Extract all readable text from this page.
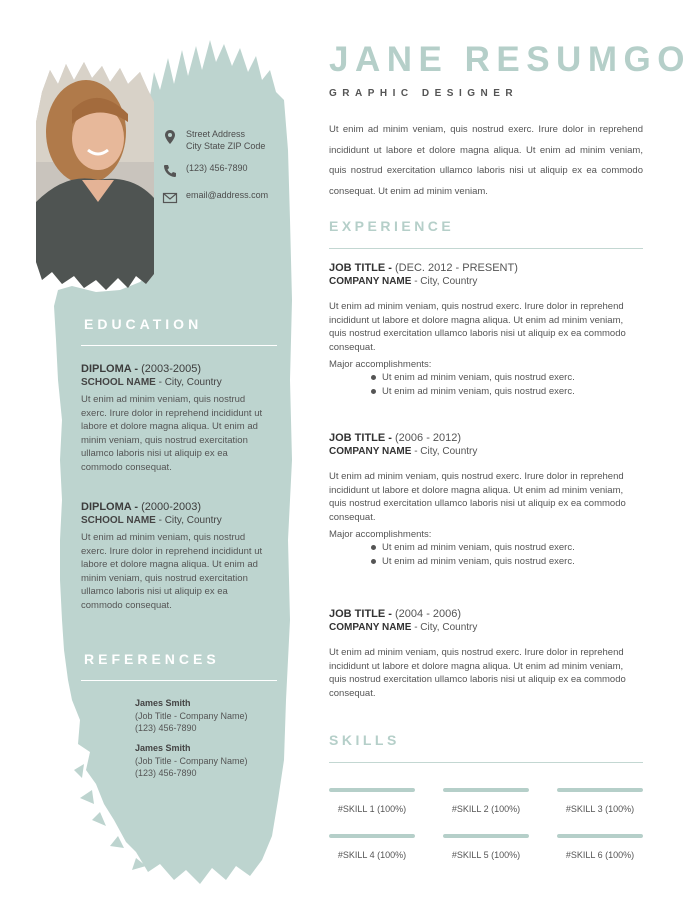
Street Address
City State ZIP Code
(123) 456-7890
email@address.com
EDUCATION
DIPLOMA - (2003-2005)
SCHOOL NAME - City, Country
Ut enim ad minim veniam, quis nostrud exerc. Irure dolor in reprehend incididunt ut labore et dolore magna aliqua. Ut enim ad minim veniam, quis nostrud exercitation ullamco laboris nisi ut aliquip ex ea commodo consequat.
DIPLOMA - (2000-2003)
SCHOOL NAME - City, Country
Ut enim ad minim veniam, quis nostrud exerc. Irure dolor in reprehend incididunt ut labore et dolore magna aliqua. Ut enim ad minim veniam, quis nostrud exercitation ullamco laboris nisi ut aliquip ex ea commodo consequat.
REFERENCES
James Smith
(Job Title - Company Name)
(123) 456-7890
James Smith
(Job Title - Company Name)
(123) 456-7890
JANE RESUMGO
GRAPHIC DESIGNER
Ut enim ad minim veniam, quis nostrud exerc. Irure dolor in reprehend incididunt ut labore et dolore magna aliqua. Ut enim ad minim veniam, quis nostrud exercitation ullamco laboris nisi ut aliquip ex ea commodo consequat. Ut enim ad minim veniam.
EXPERIENCE
JOB TITLE - (DEC. 2012 - PRESENT)
COMPANY NAME - City, Country
Ut enim ad minim veniam, quis nostrud exerc. Irure dolor in reprehend incididunt ut labore et dolore magna aliqua. Ut enim ad minim veniam, quis nostrud exercitation ullamco laboris nisi ut aliquip ex ea commodo consequat.
Major accomplishments:
Ut enim ad minim veniam, quis nostrud exerc.
Ut enim ad minim veniam, quis nostrud exerc.
JOB TITLE - (2006 - 2012)
COMPANY NAME - City, Country
Ut enim ad minim veniam, quis nostrud exerc. Irure dolor in reprehend incididunt ut labore et dolore magna aliqua. Ut enim ad minim veniam, quis nostrud exercitation ullamco laboris nisi ut aliquip ex ea commodo consequat.
Major accomplishments:
Ut enim ad minim veniam, quis nostrud exerc.
Ut enim ad minim veniam, quis nostrud exerc.
JOB TITLE - (2004 - 2006)
COMPANY NAME - City, Country
Ut enim ad minim veniam, quis nostrud exerc. Irure dolor in reprehend incididunt ut labore et dolore magna aliqua. Ut enim ad minim veniam, quis nostrud exercitation ullamco laboris nisi ut aliquip ex ea commodo consequat.
SKILLS
#SKILL 1 (100%)	#SKILL 2 (100%)	#SKILL 3 (100%)
#SKILL 4 (100%)	#SKILL 5 (100%)	#SKILL 6 (100%)
